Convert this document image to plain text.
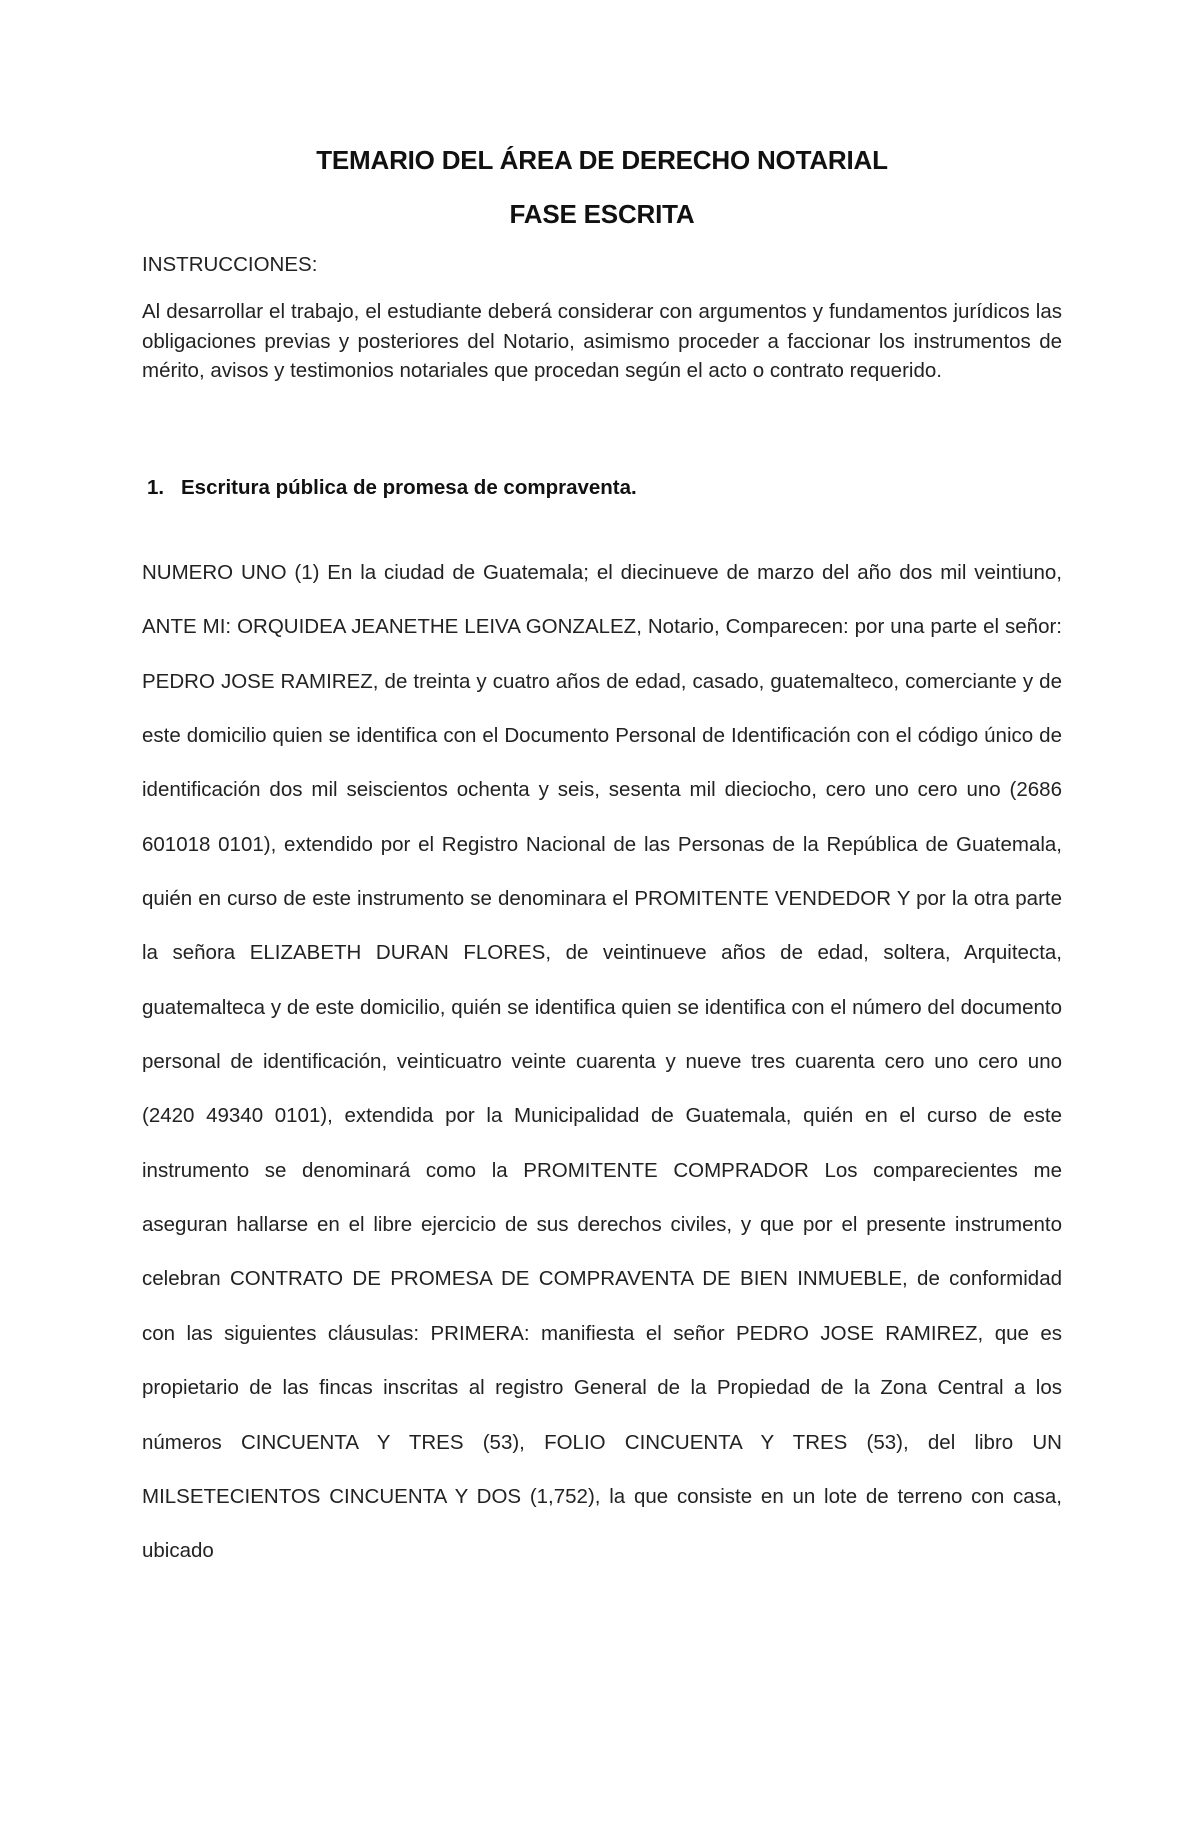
TEMARIO DEL ÁREA DE DERECHO NOTARIAL
FASE ESCRITA
INSTRUCCIONES:
Al desarrollar el trabajo, el estudiante deberá considerar con argumentos y fundamentos jurídicos las obligaciones previas y posteriores del Notario, asimismo proceder a faccionar los instrumentos de mérito, avisos y testimonios notariales que procedan según el acto o contrato requerido.
1. Escritura pública de promesa de compraventa.
NUMERO UNO (1) En la ciudad de Guatemala; el diecinueve de marzo del año dos mil veintiuno, ANTE MI: ORQUIDEA JEANETHE LEIVA GONZALEZ, Notario, Comparecen: por una parte el señor: PEDRO JOSE RAMIREZ, de treinta y cuatro años de edad, casado, guatemalteco, comerciante y de este domicilio quien se identifica con el Documento Personal de Identificación con el código único de identificación dos mil seiscientos ochenta y seis, sesenta mil dieciocho, cero uno cero uno (2686 601018 0101), extendido por el Registro Nacional de las Personas de la República de Guatemala, quién en curso de este instrumento se denominara el PROMITENTE VENDEDOR Y por la otra parte la señora ELIZABETH DURAN FLORES, de veintinueve años de edad, soltera, Arquitecta, guatemalteca y de este domicilio, quién se identifica quien se identifica con el número del documento personal de identificación, veinticuatro veinte cuarenta y nueve tres cuarenta cero uno cero uno (2420 49340 0101), extendida por la Municipalidad de Guatemala, quién en el curso de este instrumento se denominará como la PROMITENTE COMPRADOR Los comparecientes me aseguran hallarse en el libre ejercicio de sus derechos civiles, y que por el presente instrumento celebran CONTRATO DE PROMESA DE COMPRAVENTA DE BIEN INMUEBLE, de conformidad con las siguientes cláusulas: PRIMERA: manifiesta el señor PEDRO JOSE RAMIREZ, que es propietario de las fincas inscritas al registro General de la Propiedad de la Zona Central a los números CINCUENTA Y TRES (53), FOLIO CINCUENTA Y TRES (53), del libro UN MILSETECIENTOS CINCUENTA Y DOS (1,752), la que consiste en un lote de terreno con casa, ubicado
